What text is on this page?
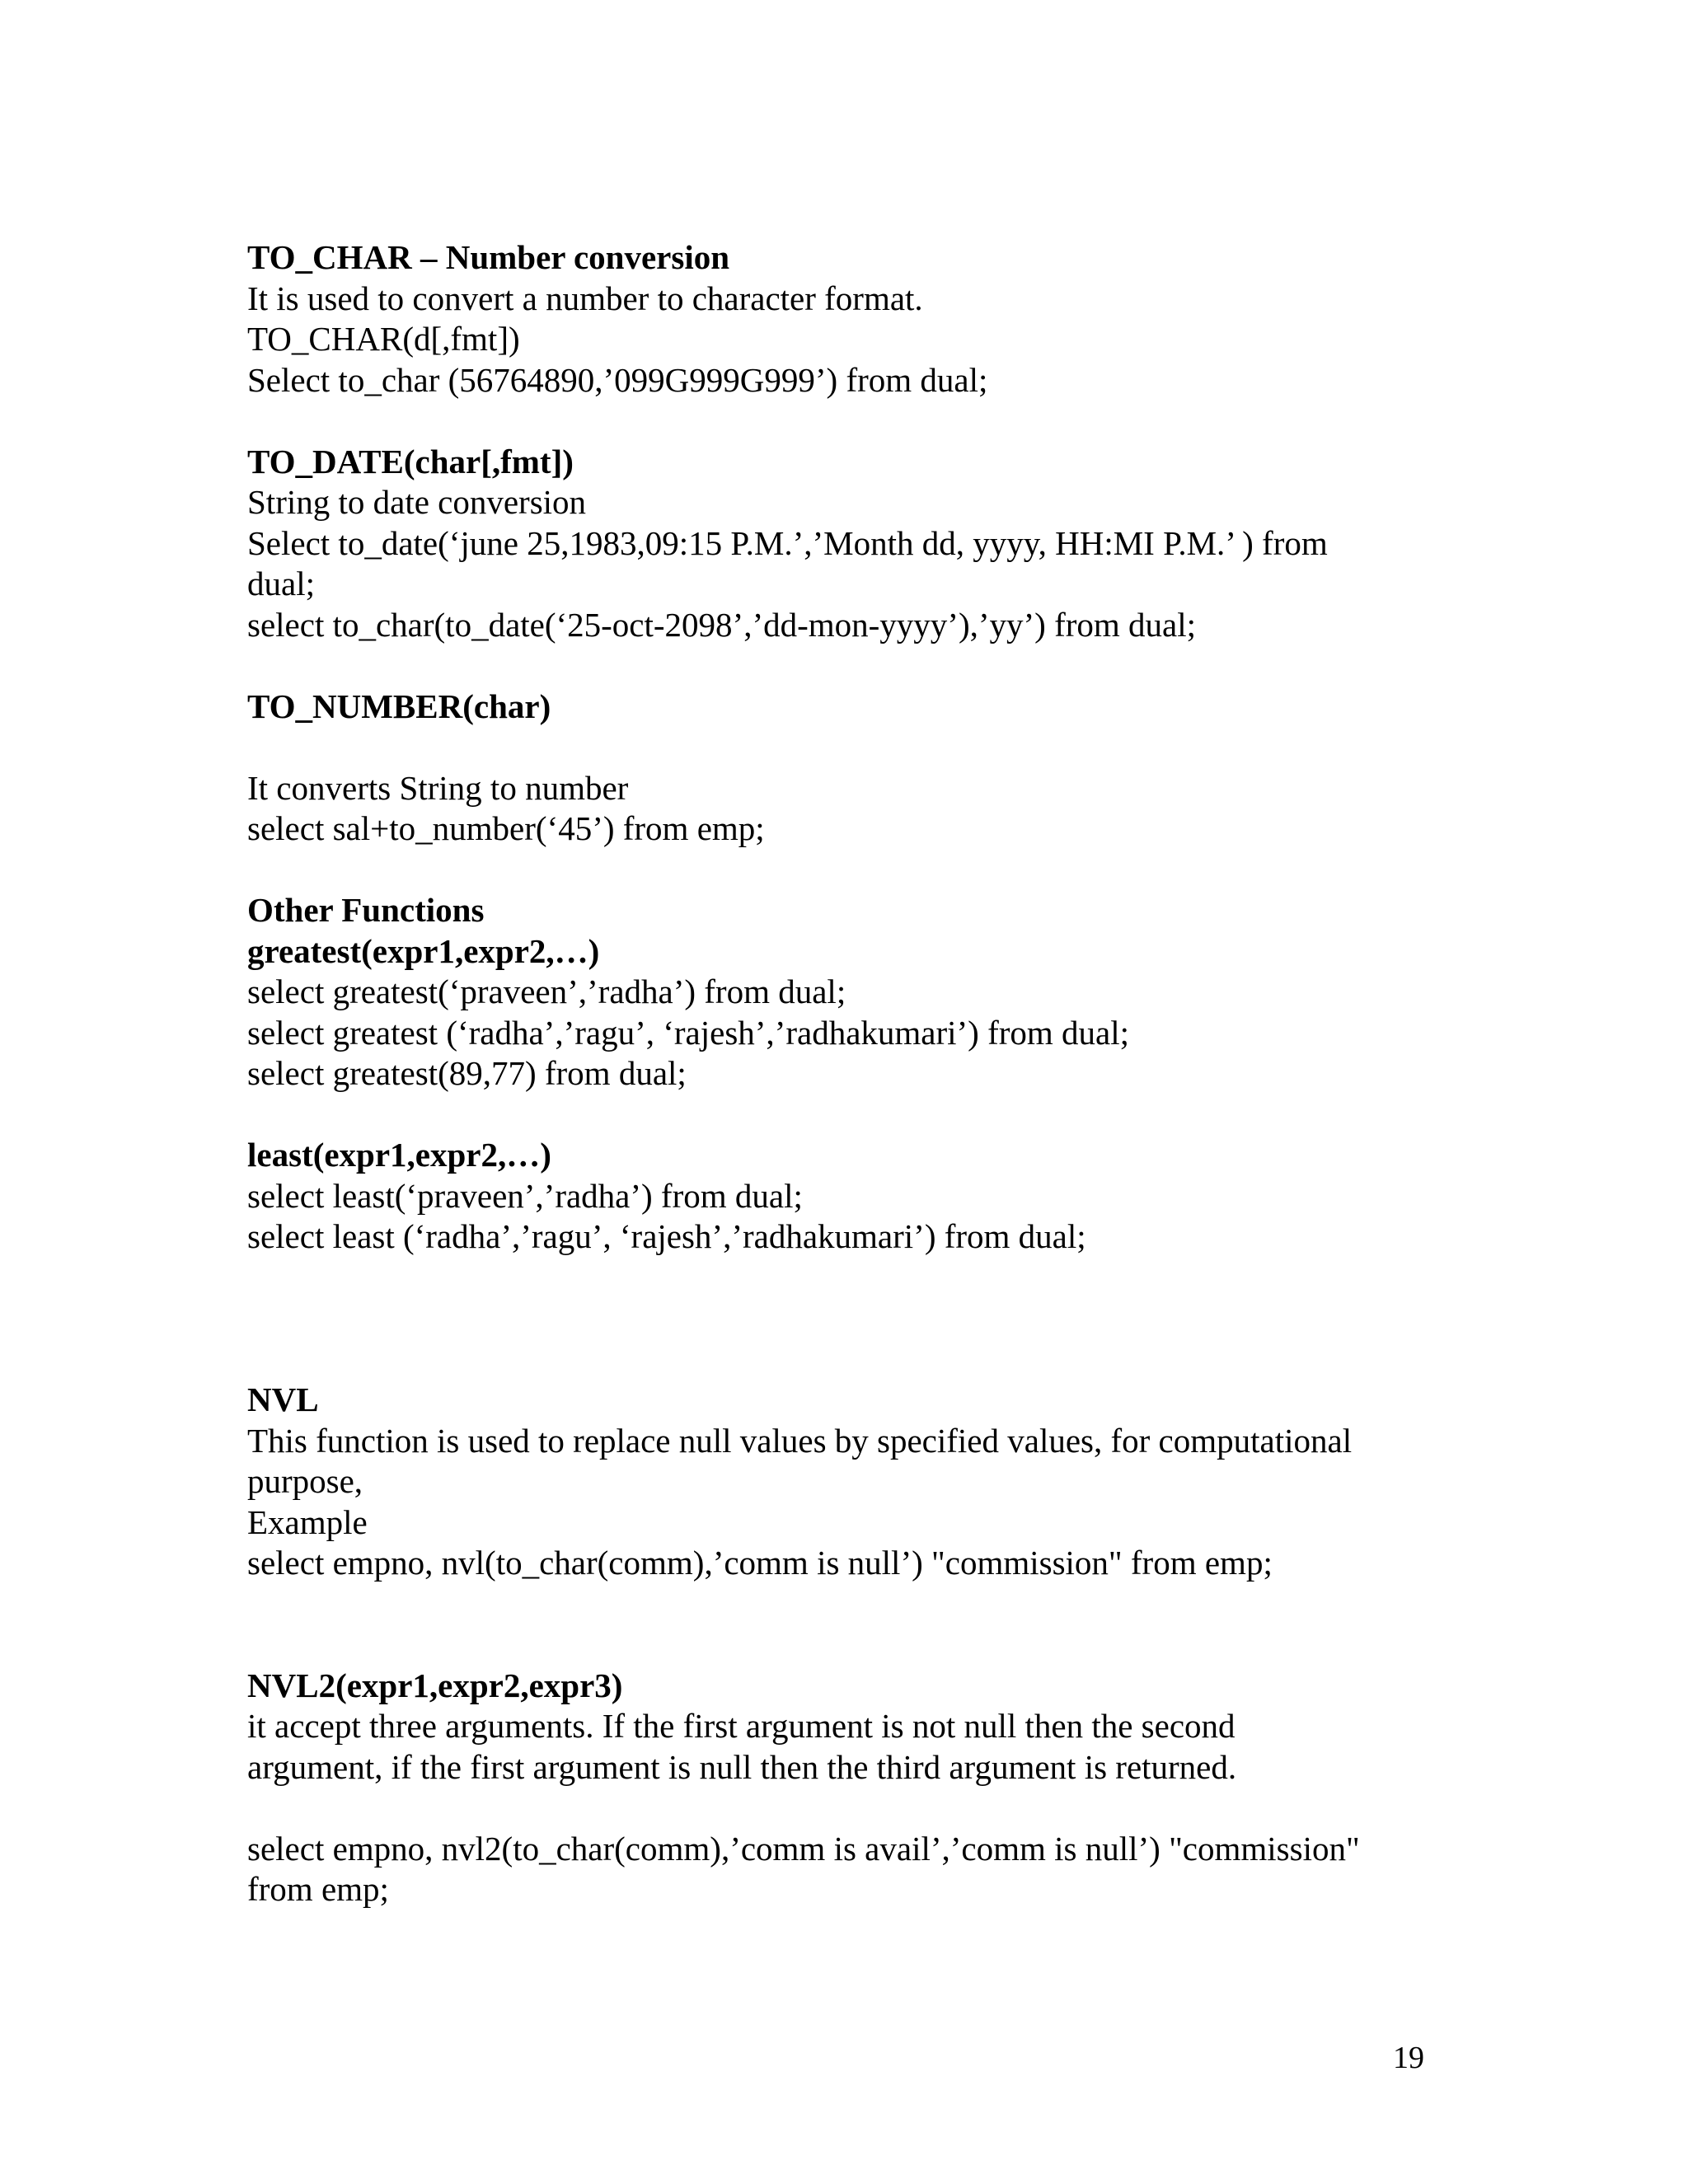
TO_CHAR – Number conversion
It is used to convert a number to character format.
TO_CHAR(d[,fmt])
Select to_char (56764890,’099G999G999’) from dual;
TO_DATE(char[,fmt])
String to date conversion
Select to_date(‘june 25,1983,09:15 P.M.’,’Month dd, yyyy, HH:MI P.M.’ ) from
dual;
select to_char(to_date(‘25-oct-2098’,’dd-mon-yyyy’),’yy’) from dual;
TO_NUMBER(char)
It converts String to number
select sal+to_number(‘45’) from emp;
Other Functions
greatest(expr1,expr2,…)
select greatest(‘praveen’,’radha’) from dual;
select greatest (‘radha’,’ragu’, ‘rajesh’,’radhakumari’) from dual;
select greatest(89,77) from dual;
least(expr1,expr2,…)
select least(‘praveen’,’radha’) from dual;
select least (‘radha’,’ragu’, ‘rajesh’,’radhakumari’) from dual;
NVL
This function is used to replace null values by specified values, for computational
purpose,
Example
select empno, nvl(to_char(comm),’comm is null’) "commission" from emp;
NVL2(expr1,expr2,expr3)
it accept three arguments. If the first argument is not null then the second
argument, if the first argument is null then the third argument is returned.
select empno, nvl2(to_char(comm),’comm is avail’,’comm is null’) "commission"
from emp;
19
